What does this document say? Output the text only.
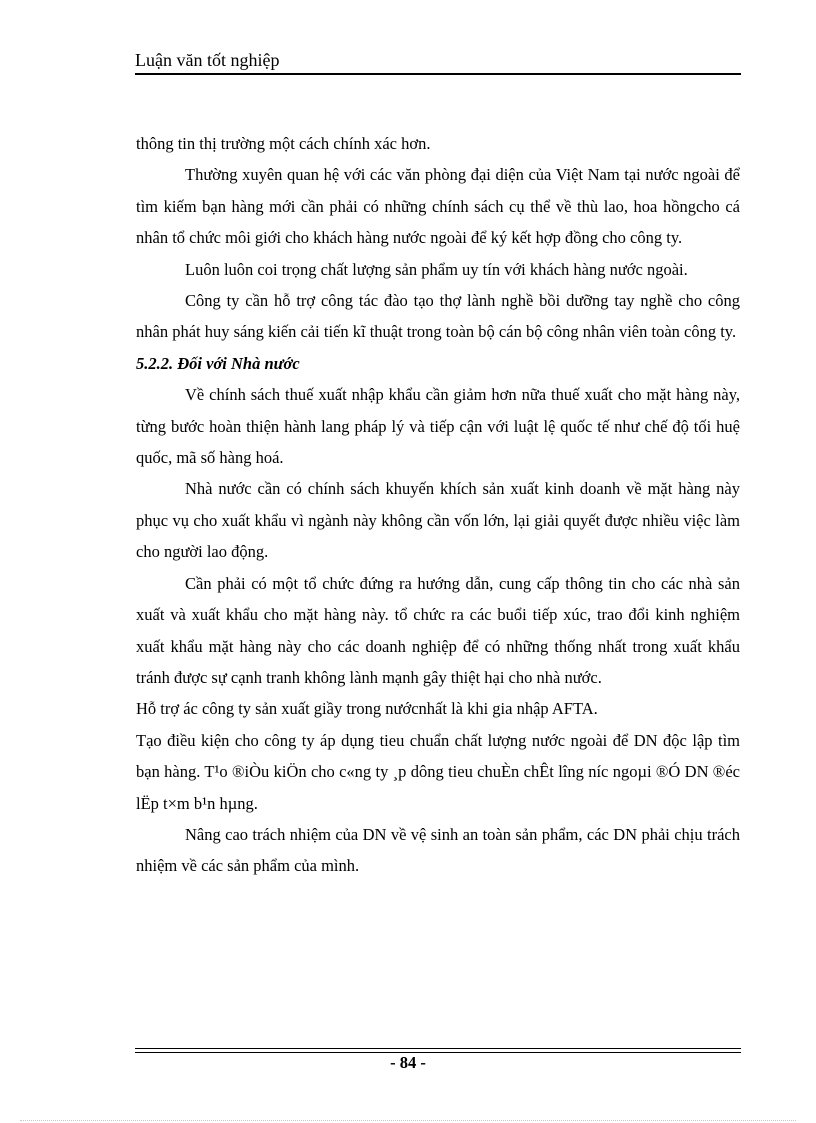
Luận văn tốt nghiệp

thông tin thị trường một cách chính xác hơn.

Thường xuyên quan hệ với các văn phòng đại diện của Việt Nam tại nước ngoài để tìm kiếm bạn hàng mới cần phải có những chính sách cụ thể về thù lao, hoa hồngcho cá nhân tổ chức môi giới cho khách hàng nước ngoài để ký kết hợp đồng cho công ty.

Luôn luôn coi trọng chất lượng sản phẩm uy tín với khách hàng nước ngoài.

Công ty cần hỗ trợ công tác đào tạo thợ lành nghề bồi dưỡng tay nghề cho công nhân phát huy sáng kiến cải tiến kĩ thuật trong toàn bộ cán bộ công nhân viên toàn công ty.

5.2.2. Đối với Nhà nước

Về chính sách thuế xuất nhập khẩu cần giảm hơn nữa thuế xuất cho mặt hàng này, từng bước hoàn thiện hành lang pháp lý và tiếp cận với luật lệ quốc tế như chế độ tối huệ quốc, mã số hàng hoá.

Nhà nước cần có chính sách khuyến khích sản xuất kinh doanh về mặt hàng này phục vụ cho xuất khẩu vì ngành này không cần vốn lớn, lại giải quyết được nhiều việc làm cho người lao động.

Cần phải có một tổ chức đứng ra hướng dẫn, cung cấp thông tin cho các nhà sản xuất và xuất khẩu cho mặt hàng này. tổ chức ra các buổi tiếp xúc, trao đổi kinh nghiệm xuất khẩu mặt hàng này cho các doanh nghiệp để có những thống nhất trong xuất khẩu tránh được sự cạnh tranh không lành mạnh gây thiệt hại cho nhà nước.

Hỗ trợ ác công ty sản xuất giầy trong nướcnhất là khi gia nhập AFTA.

Tạo điều kiện cho công ty áp dụng tieu chuẩn chất lượng nước ngoài để DN độc lập tìm bạn hàng. T¹o ®iÒu kiÖn cho c«ng ty ¸p dông tieu chuÈn chÊt lîng níc ngoµi ®Ó DN ®éc lËp t×m b¹n hµng.

Nâng cao trách nhiệm của DN về vệ sinh an toàn sản phẩm, các DN phải chịu trách nhiệm về các sản phẩm của mình.

- 84 -
